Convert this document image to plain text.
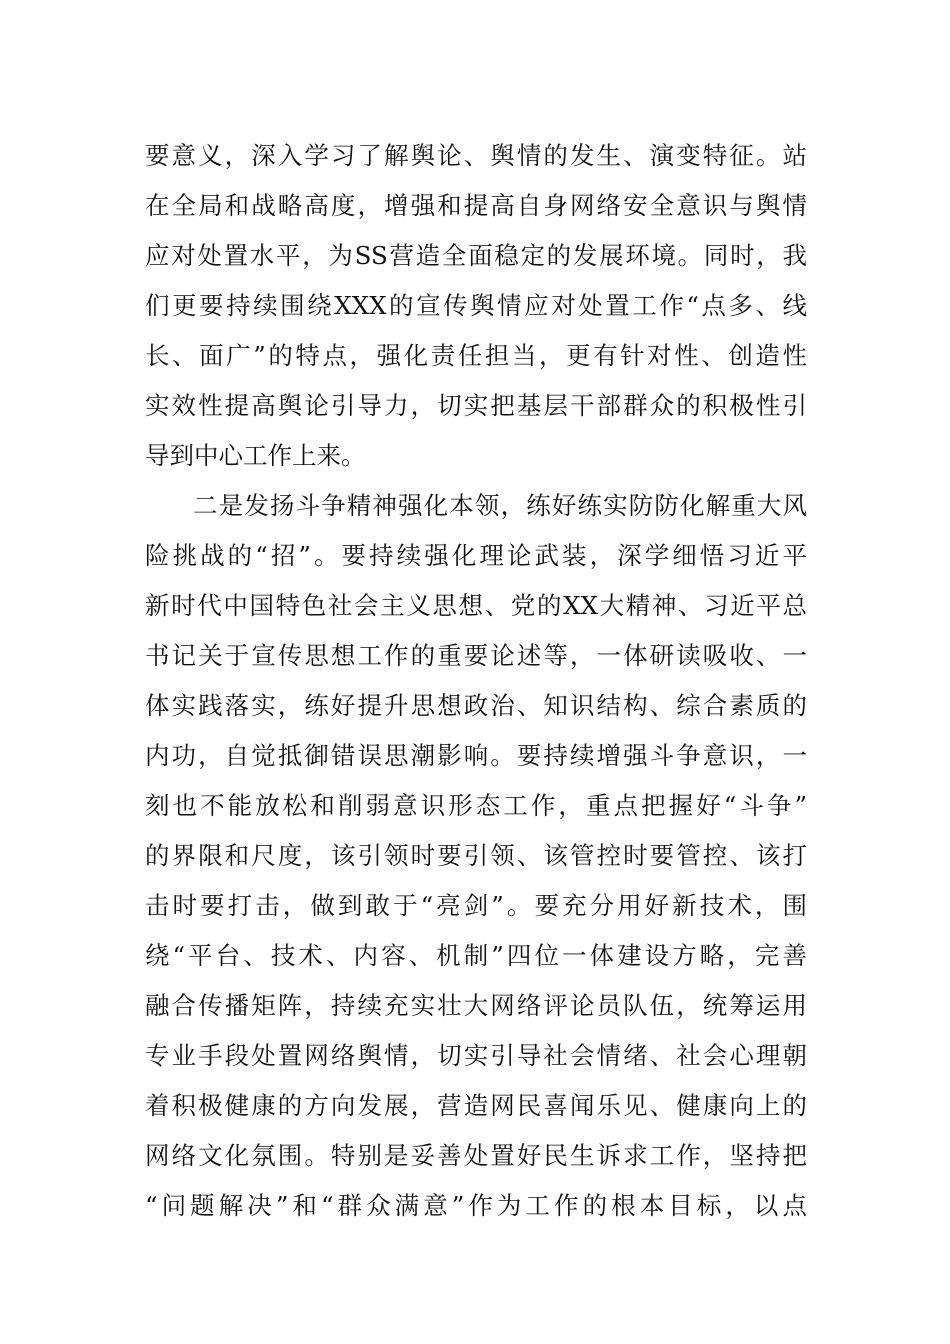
要意义，深入学习了解舆论、舆情的发生、演变特征。站
在全局和战略高度，增强和提高自身网络安全意识与舆情
应对处置水平，为SS营造全面稳定的发展环境。同时，我
们更要持续围绕XXX的宣传舆情应对处置工作“点多、线
长、面广”的特点，强化责任担当，更有针对性、创造性
实效性提高舆论引导力，切实把基层干部群众的积极性引
导到中心工作上来。
二是发扬斗争精神强化本领，练好练实防防化解重大风
险挑战的“招”。要持续强化理论武装，深学细悟习近平
新时代中国特色社会主义思想、党的XX大精神、习近平总
书记关于宣传思想工作的重要论述等，一体研读吸收、一
体实践落实，练好提升思想政治、知识结构、综合素质的
内功，自觉抵御错误思潮影响。要持续增强斗争意识，一
刻也不能放松和削弱意识形态工作，重点把握好“斗争”
的界限和尺度，该引领时要引领、该管控时要管控、该打
击时要打击，做到敢于“亮剑”。要充分用好新技术，围
绕“平台、技术、内容、机制”四位一体建设方略，完善
融合传播矩阵，持续充实壮大网络评论员队伍，统筹运用
专业手段处置网络舆情，切实引导社会情绪、社会心理朝
着积极健康的方向发展，营造网民喜闻乐见、健康向上的
网络文化氛围。特别是妥善处置好民生诉求工作，坚持把
“问题解决”和“群众满意”作为工作的根本目标，以点
